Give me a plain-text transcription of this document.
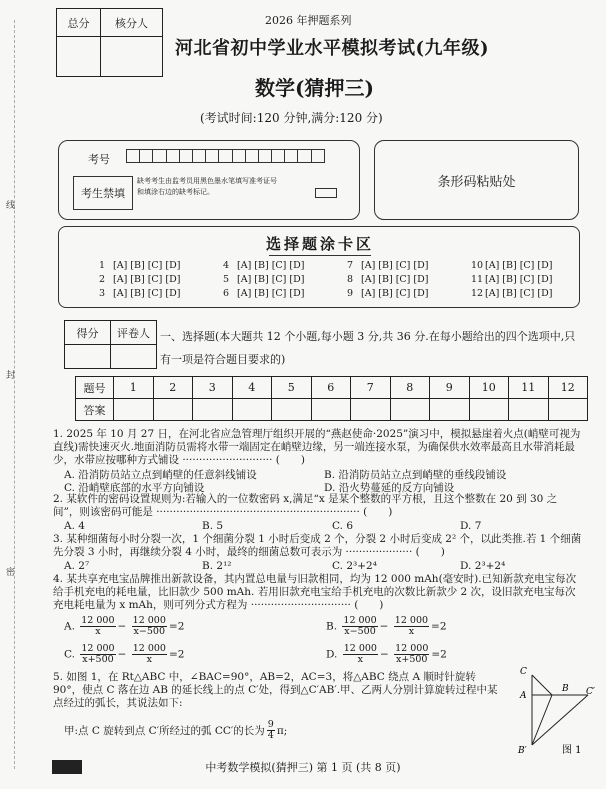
线
封
密
总分	核分人
		2026 年押题系列
河北省初中学业水平模拟考试(九年级)
数学(猜押三)
(考试时间:120 分钟,满分:120 分)
考号
考生禁填
缺考考生由监考员用黑色墨水笔填写准考证号和填涂右边的缺考标记。
条形码粘贴处
选择题涂卡区
1 [A] [B] [C] [D]	4 [A] [B] [C] [D]	7 [A] [B] [C] [D]	10 [A] [B] [C] [D]
2 [A] [B] [C] [D]	5 [A] [B] [C] [D]	8 [A] [B] [C] [D]	11 [A] [B] [C] [D]
3 [A] [B] [C] [D]	6 [A] [B] [C] [D]	9 [A] [B] [C] [D]	12 [A] [B] [C] [D]
得分	评卷人
	一、选择题(本大题共 12 个小题,每小题 3 分,共 36 分.在每小题给出的四个选项中,只有一项是符合题目要求的)
题号	1	2	3	4	5	6	7	8	9	10	11	12
答案												
1. 2025 年 10 月 27 日，在河北省应急管理厅组织开展的“燕赵使命·2025”演习中，模拟悬崖着火点(峭壁可视为直线)需快速灭火.地面消防员需将水带一端固定在峭壁边缘，另一端连接水泵，为确保供水效率最高且水带消耗最少，水带应按哪种方式铺设 ··························· (　　)
A. 沿消防员站立点到峭壁的任意斜线铺设	B. 沿消防员站立点到峭壁的垂线段铺设
C. 沿峭壁底部的水平方向铺设	D. 沿火势蔓延的反方向铺设
2. 某软件的密码设置规则为:若输入的一位数密码 x,满足“x 是某个整数的平方根，且这个整数在 20 到 30 之间”，则该密码可能是 ····························································· (　　)
A. 4	B. 5	C. 6	D. 7
3. 某种细菌每小时分裂一次，1 个细菌分裂 1 小时后变成 2 个，分裂 2 小时后变成 2² 个，以此类推.若 1 个细菌先分裂 3 小时，再继续分裂 4 小时，最终的细菌总数可表示为 ···················· (　　)
A. 2⁷	B. 2¹²	C. 2³+2⁴	D. 2³+2⁴
4. 某共享充电宝品牌推出新款设备，其内置总电量与旧款相同，均为 12 000 mAh(毫安时).已知新款充电宝每次给手机充电的耗电量，比旧款少 500 mAh. 若用旧款充电宝给手机充电的次数比新款少 2 次，设旧款充电宝每次充电耗电量为 x mAh，则可列分式方程为 ······························ (　　)
A. $\frac{12 000}{x} - \frac{12 000}{x-500} =2$	B. $\frac{12 000}{x-500} - \frac{12 000}{x} =2$
C. $\frac{12 000}{x+500} - \frac{12 000}{x} =2$	D. $\frac{12 000}{x} - \frac{12 000}{x+500} =2$
5. 如图 1，在 Rt△ABC 中，∠BAC=90°，AB=2，AC=3，将△ABC 绕点 A 顺时针旋转 90°，使点 C 落在边 AB 的延长线上的点 C′处，得到△C′AB′.甲、乙两人分别计算旋转过程中某点经过的弧长，其说法如下:
甲:点 C 旋转到点 C′所经过的弧 CC′的长为 $\frac{9}{4} \pi$;
C
A
B C′
B′	图 1
中考数学模拟(猜押三) 第 1 页 (共 8 页)
